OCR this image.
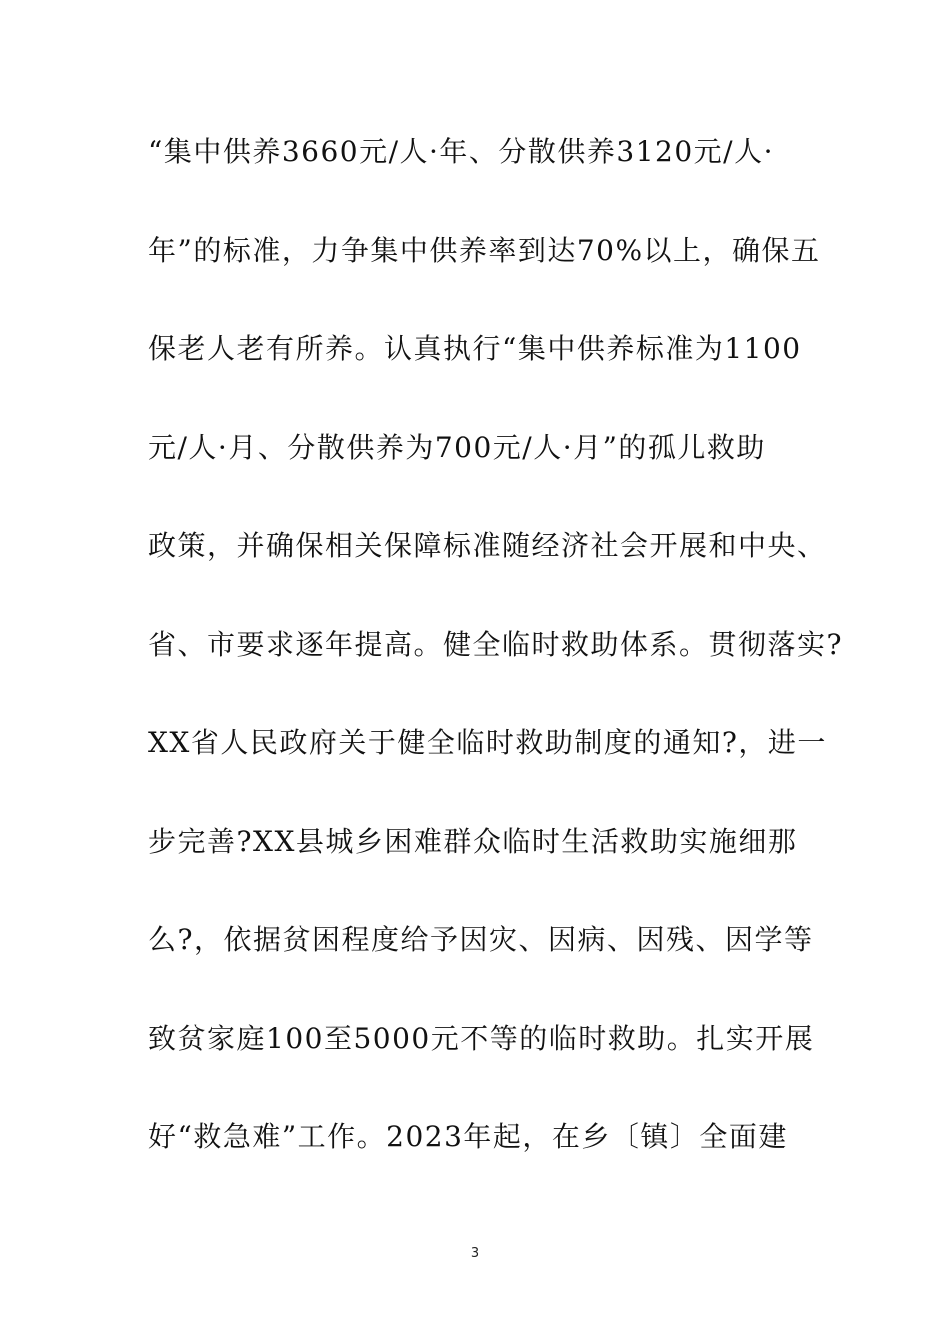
“集中供养3660元/人·年、分散供养3120元/人·

年”的标准，力争集中供养率到达70%以上，确保五

保老人老有所养。认真执行“集中供养标准为1100

元/人·月、分散供养为700元/人·月”的孤儿救助

政策，并确保相关保障标准随经济社会开展和中央、

省、市要求逐年提高。健全临时救助体系。贯彻落实?

XX省人民政府关于健全临时救助制度的通知?，进一

步完善?XX县城乡困难群众临时生活救助实施细那

么?，依据贫困程度给予因灾、因病、因残、因学等

致贫家庭100至5000元不等的临时救助。扎实开展

好“救急难”工作。2023年起，在乡〔镇〕全面建

3
